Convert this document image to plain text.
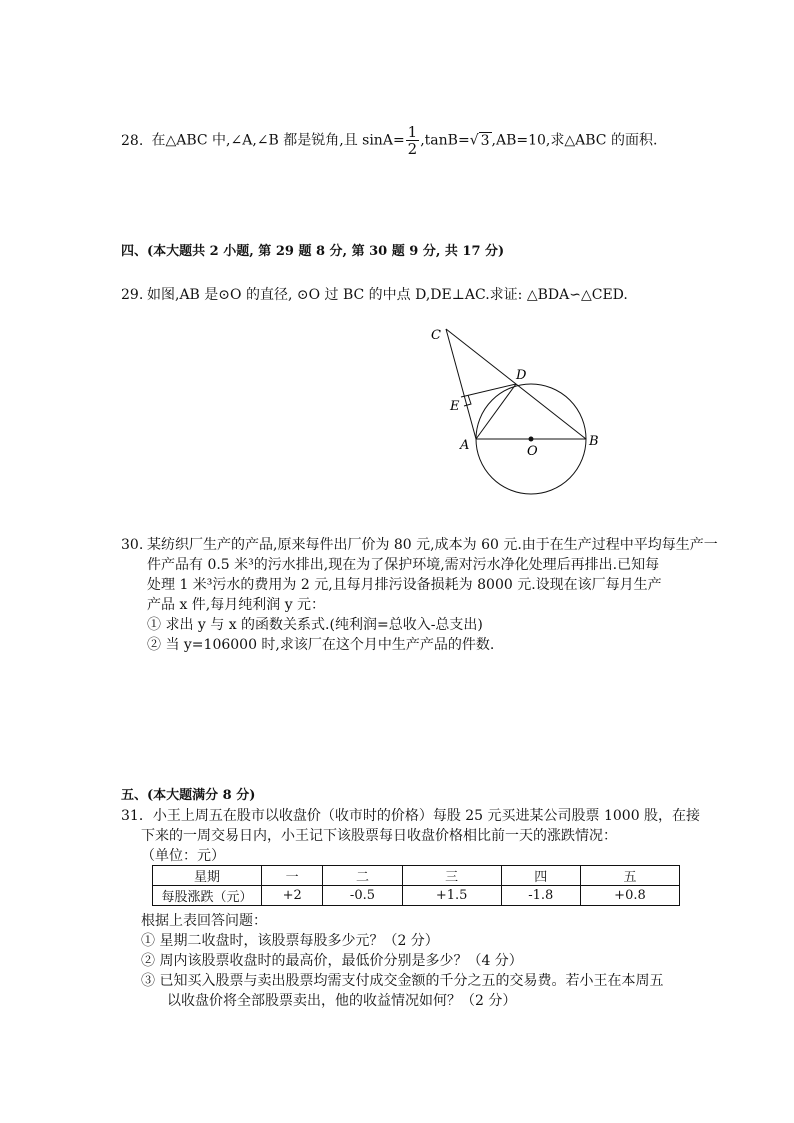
28. 在△ABC 中,∠A,∠B 都是锐角,且 $\sin A= \frac{1}{2} ,\tan B=√$ 3 ,AB=10,求△ABC 的面积.
四、(本大题共 2 小题, 第 29 题 8 分, 第 30 题 9 分, 共 17 分)
29. 如图,AB 是⊙O 的直径, ⊙O 过 BC 的中点 D,DE⊥AC.求证: △BDA∽△CED.
C
D
E
A	O
B
30. 某纺织厂生产的产品,原来每件出厂价为 80 元,成本为 60 元.由于在生产过程中平均每生产一
件产品有 0.5 米³的污水排出,现在为了保护环境,需对污水净化处理后再排出.已知每
处理 1 米³污水的费用为 2 元,且每月排污设备损耗为 8000 元.设现在该厂每月生产
产品 x 件,每月纯利润 y 元：
① 求出 y 与 x 的函数关系式.(纯利润=总收入-总支出)
② 当 y=106000 时,求该厂在这个月中生产产品的件数.
五、(本大题满分 8 分)
31．小王上周五在股市以收盘价（收市时的价格）每股 25 元买进某公司股票 1000 股，在接
下来的一周交易日内，小王记下该股票每日收盘价格相比前一天的涨跌情况：
（单位：元）
星期	一	二	三	四	五
每股涨跌（元）	+2	-0.5	+1.5	-1.8	+0.8
根据上表回答问题：
① 星期二收盘时，该股票每股多少元？（2 分）
② 周内该股票收盘时的最高价，最低价分别是多少？（4 分）
③ 已知买入股票与卖出股票均需支付成交金额的千分之五的交易费。若小王在本周五
以收盘价将全部股票卖出，他的收益情况如何？（2 分）
